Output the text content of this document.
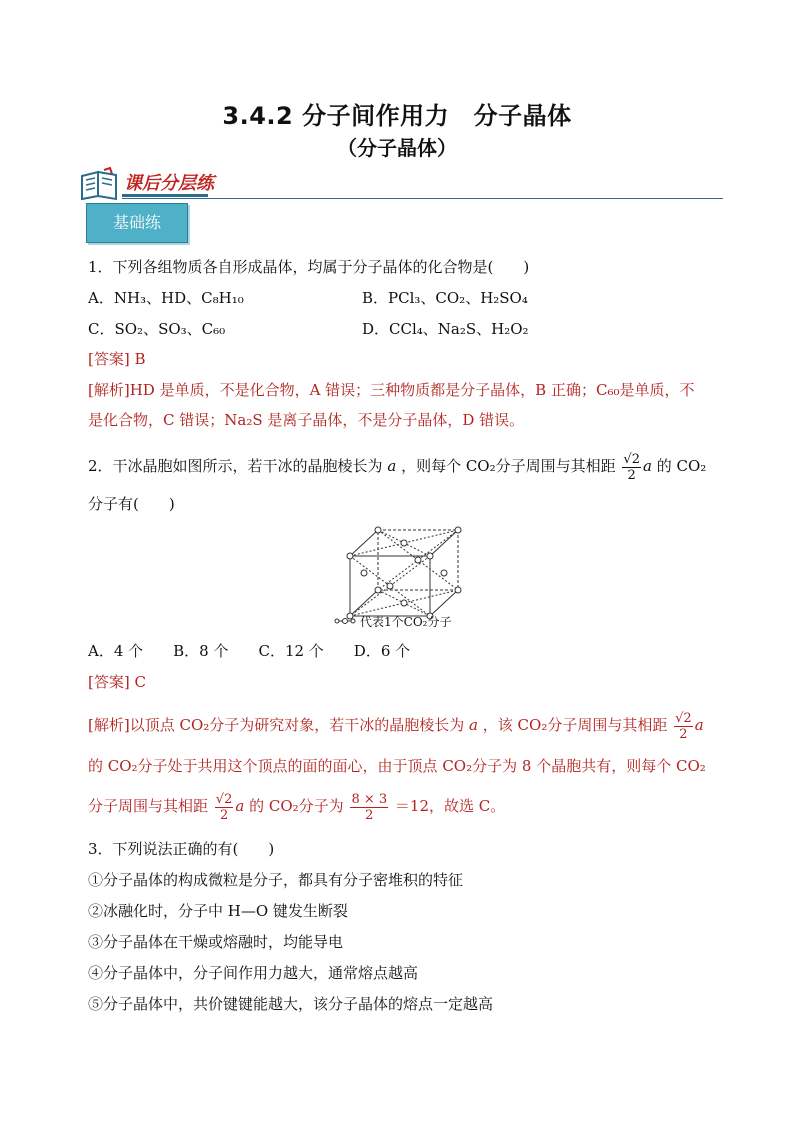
3.4.2 分子间作用力　分子晶体
（分子晶体）
课后分层练
基础练
1．下列各组物质各自形成晶体，均属于分子晶体的化合物是(　　)
A．NH₃、HD、C₈H₁₀	B．PCl₃、CO₂、H₂SO₄
C．SO₂、SO₃、C₆₀	D．CCl₄、Na₂S、H₂O₂
[答案] B
[解析]HD 是单质，不是化合物，A 错误；三种物质都是分子晶体，B 正确；C₆₀是单质，不
是化合物，C 错误；Na₂S 是离子晶体，不是分子晶体，D 错误。
2．干冰晶胞如图所示，若干冰的晶胞棱长为 a ，则每个 CO₂分子周围与其相距 $\frac{√2}{2}$ a 的 CO₂
分子有(　　)
代表1个CO₂分子
A．4 个　　B．8 个　　C．12 个　　D．6 个
[答案] C
[解析]以顶点 CO₂分子为研究对象，若干冰的晶胞棱长为 a ，该 CO₂分子周围与其相距 $\frac{√2}{2}$ a
的 CO₂分子处于共用这个顶点的面的面心，由于顶点 CO₂分子为 8 个晶胞共有，则每个 CO₂
分子周围与其相距 $\frac{√2}{2}$ a 的 CO₂分子为 $\frac{8 \times 3}{2} =12$，故选 C。
3．下列说法正确的有(　　)
①分子晶体的构成微粒是分子，都具有分子密堆积的特征
②冰融化时，分子中 H—O 键发生断裂
③分子晶体在干燥或熔融时，均能导电
④分子晶体中，分子间作用力越大，通常熔点越高
⑤分子晶体中，共价键键能越大，该分子晶体的熔点一定越高
